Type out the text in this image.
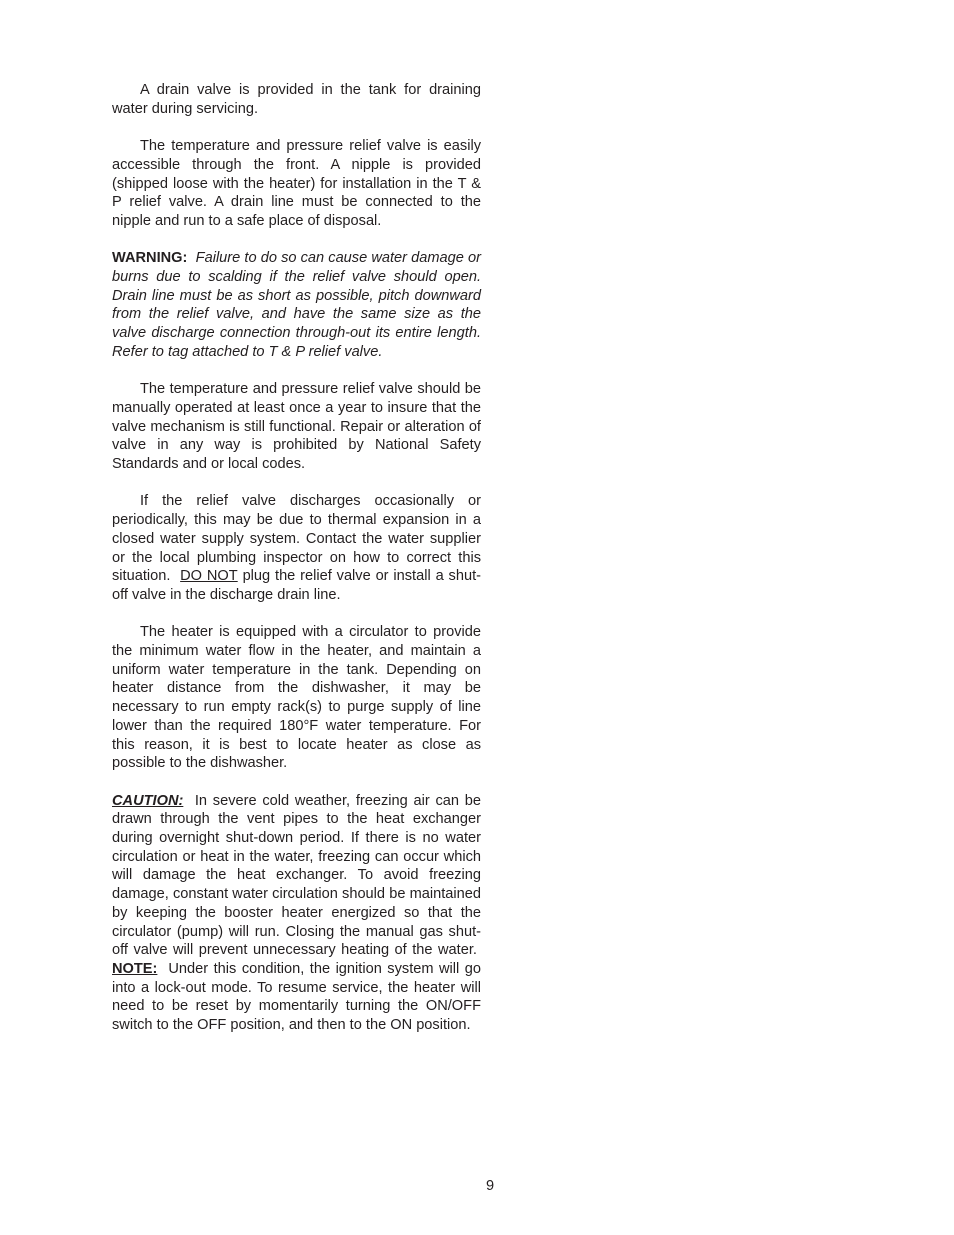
A drain valve is provided in the tank for draining water during servicing.

The temperature and pressure relief valve is easily accessible through the front. A nipple is provided (shipped loose with the heater) for installation in the T & P relief valve. A drain line must be connected to the nipple and run to a safe place of disposal.

WARNING: Failure to do so can cause water damage or burns due to scalding if the relief valve should open. Drain line must be as short as possible, pitch downward from the relief valve, and have the same size as the valve discharge connection through-out its entire length. Refer to tag attached to T & P relief valve.

The temperature and pressure relief valve should be manually operated at least once a year to insure that the valve mechanism is still functional. Repair or alteration of valve in any way is prohibited by National Safety Standards and or local codes.

If the relief valve discharges occasionally or periodically, this may be due to thermal expansion in a closed water supply system. Contact the water supplier or the local plumbing inspector on how to correct this situation. DO NOT plug the relief valve or install a shut-off valve in the discharge drain line.

The heater is equipped with a circulator to provide the minimum water flow in the heater, and maintain a uniform water temperature in the tank. Depending on heater distance from the dishwasher, it may be necessary to run empty rack(s) to purge supply of line lower than the required 180°F water temperature. For this reason, it is best to locate heater as close as possible to the dishwasher.

CAUTION: In severe cold weather, freezing air can be drawn through the vent pipes to the heat exchanger during overnight shut-down period. If there is no water circulation or heat in the water, freezing can occur which will damage the heat exchanger. To avoid freezing damage, constant water circulation should be maintained by keeping the booster heater energized so that the circulator (pump) will run. Closing the manual gas shut-off valve will prevent unnecessary heating of the water.  NOTE: Under this condition, the ignition system will go into a lock-out mode. To resume service, the heater will need to be reset by momentarily turning the ON/OFF switch to the OFF position, and then to the ON position.

9
